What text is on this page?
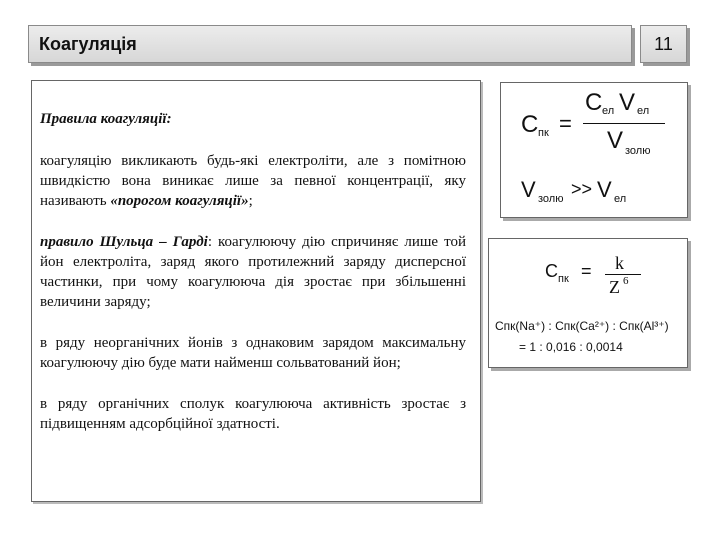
Коагуляція	11
Правила коагуляції:
коагуляцію викликають будь-які електроліти, але з помітною швидкістю вона виникає лише за певної концентрації, яку називають «порогом коагуляції»;
правило Шульца – Гарді: коагулюючу дію спричиняє лише той йон електроліта, заряд якого протилежний заряду дисперсної частинки, при чому коагулююча дія зростає при збільшенні величини заряду;
в ряду неорганічних йонів з однаковим зарядом максимальну коагулюючу дію буде мати найменш сольватований йон;
в ряду органічних сполук коагулююча активність зростає з підвищенням адсорбційної здатності.
C пк =
C ел V ел
V золю
V золю >> V ел
C пк = k
Z 6
Cпк(Na⁺) : Cпк(Ca²⁺) : Cпк(Al³⁺)
= 1 : 0,016 : 0,0014
